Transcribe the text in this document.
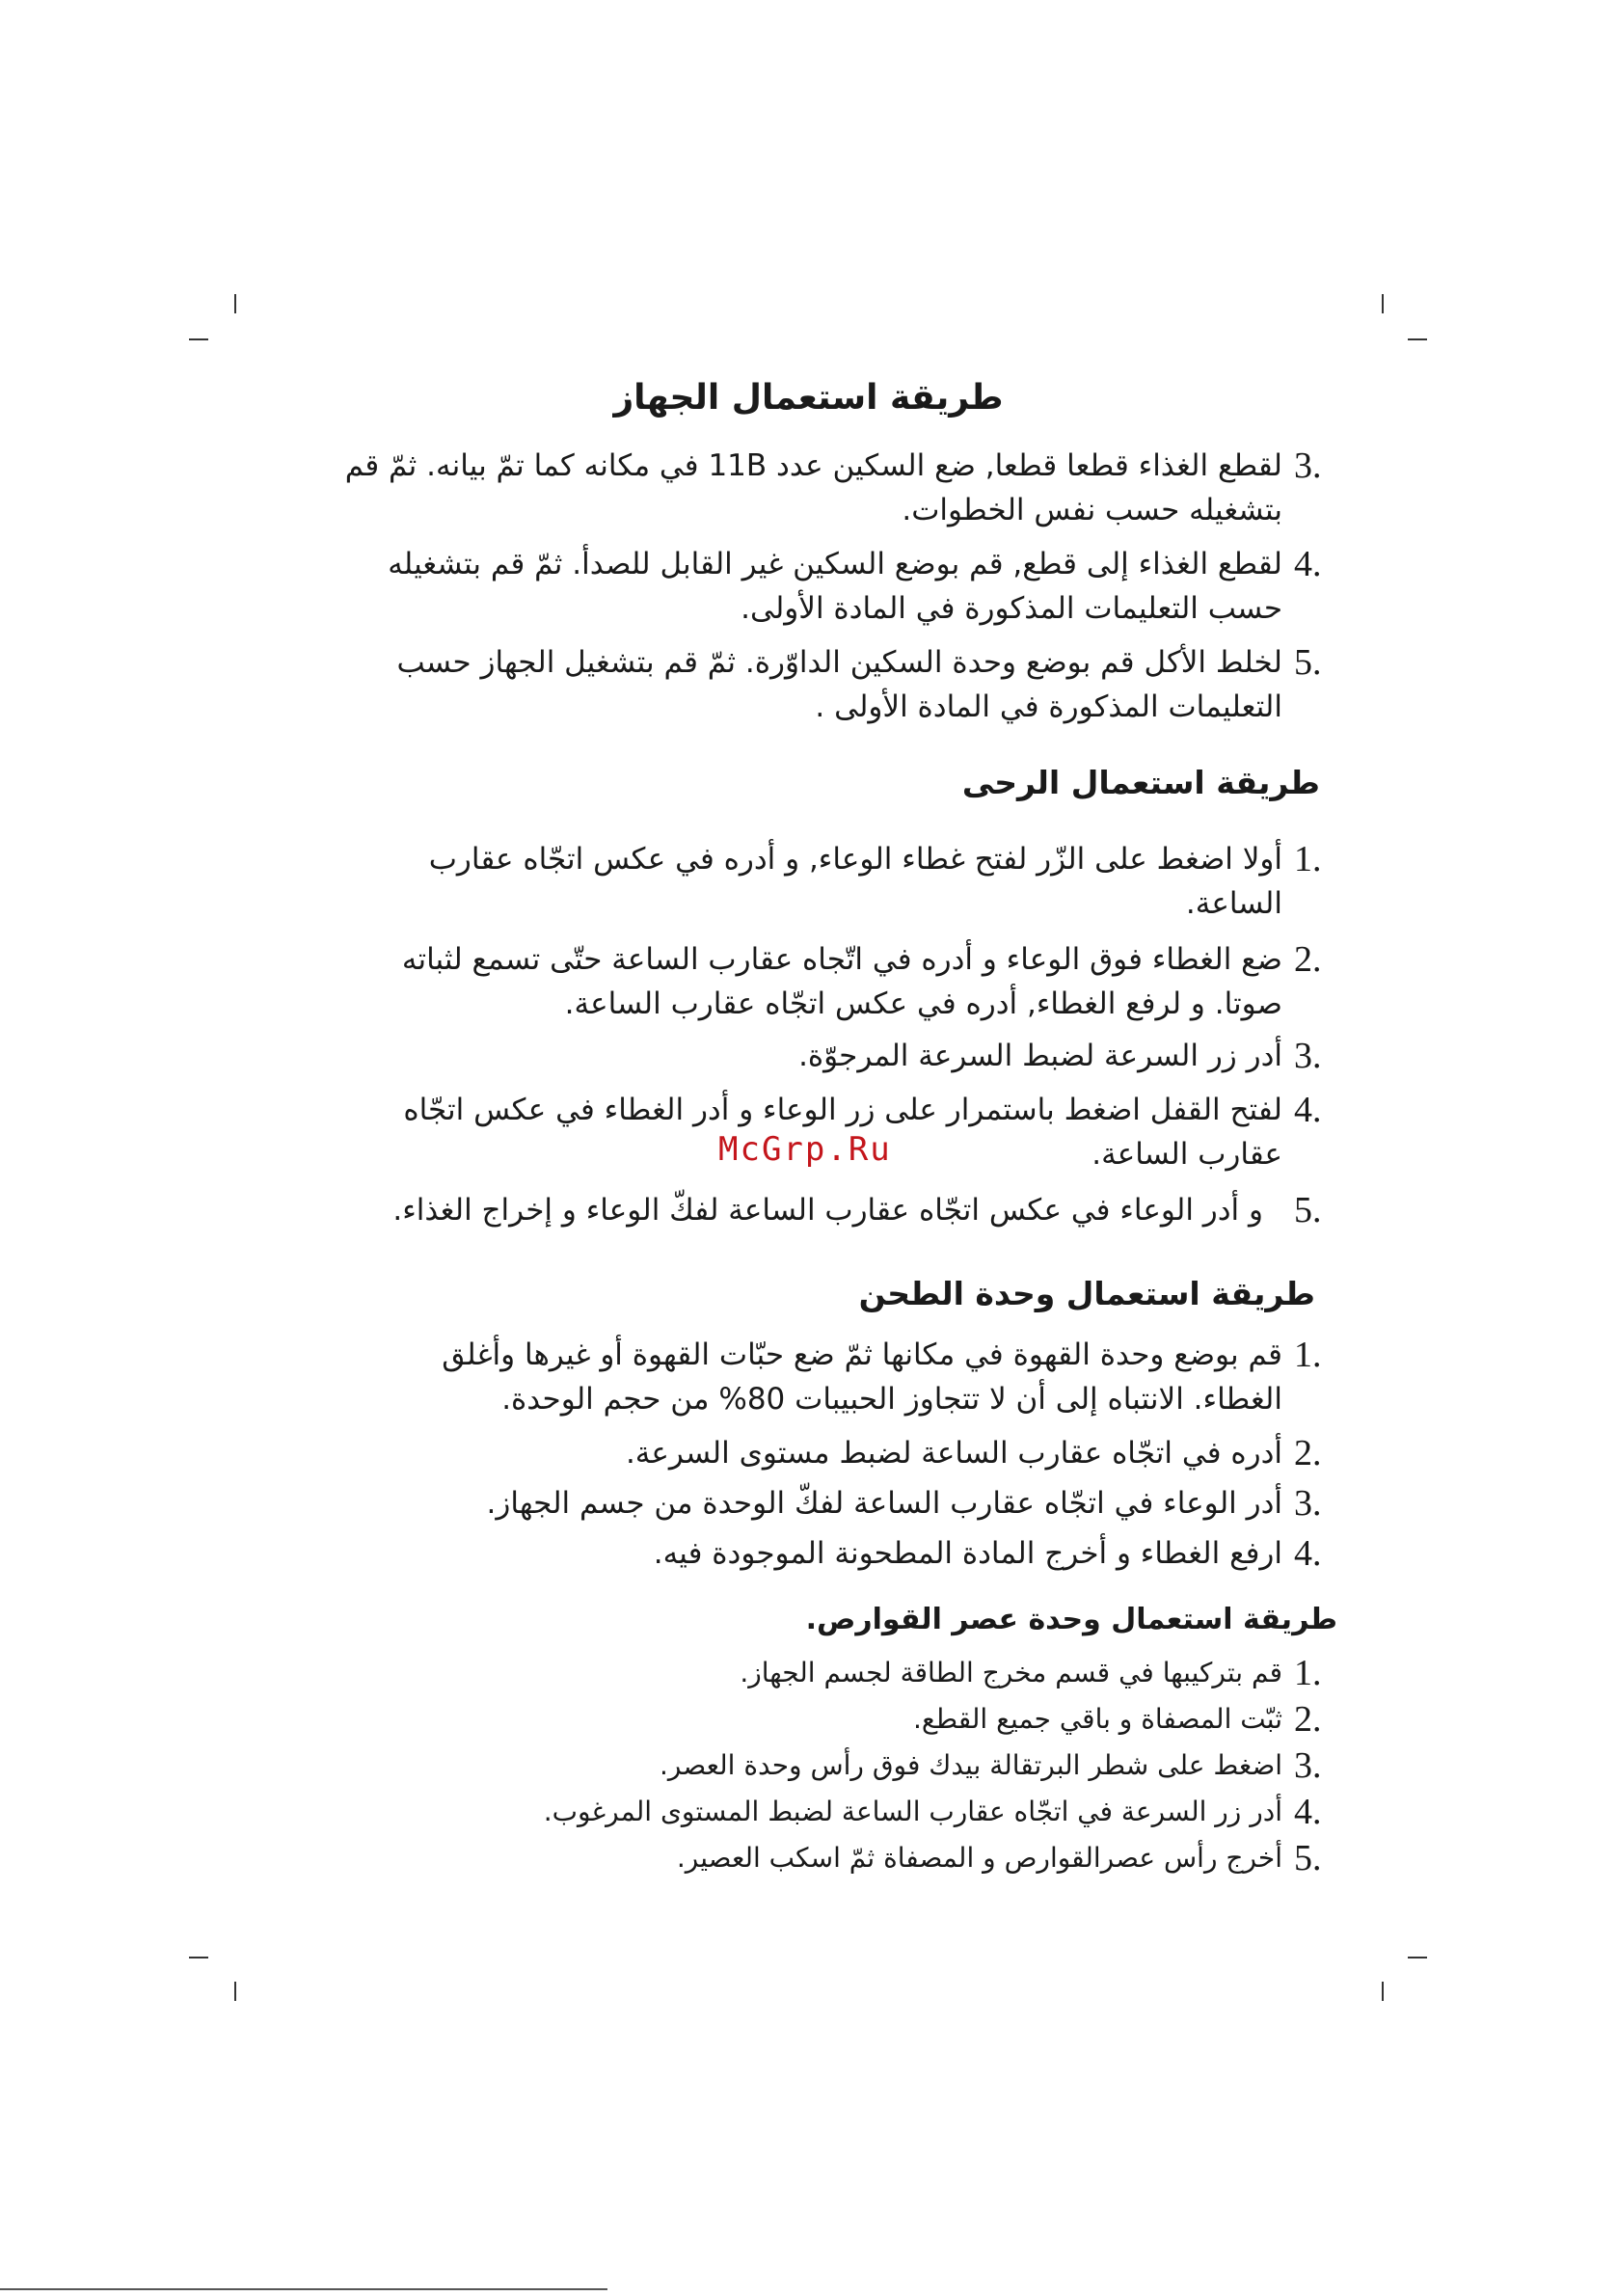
طريقة استعمال الجهاز
3.
لقطع الغذاء قطعا قطعا, ضع السكين عدد 11B في مكانه كما تمّ بيانه. ثمّ قم
بتشغيله حسب نفس الخطوات.
4.
لقطع الغذاء إلى قطع, قم بوضع السكين غير القابل للصدأ. ثمّ قم بتشغيله
حسب التعليمات المذكورة في المادة الأولى.
5.
لخلط الأكل قم بوضع وحدة السكين الداوّرة. ثمّ قم بتشغيل الجهاز حسب
التعليمات المذكورة في المادة الأولى .
طريقة استعمال الرحى
1.
أولا اضغط على الزّر لفتح غطاء الوعاء, و أدره في عكس اتجّاه عقارب
الساعة.
2.
ضع الغطاء فوق الوعاء و أدره في اتّجاه عقارب الساعة حتّى تسمع لثباته
صوتا. و لرفع الغطاء, أدره في عكس اتجّاه عقارب الساعة.
3.
أدر زر السرعة لضبط السرعة المرجوّة.
4.
لفتح القفل اضغط باستمرار على زر الوعاء و أدر الغطاء في عكس اتجّاه
عقارب الساعة.
5.
و أدر الوعاء في عكس اتجّاه عقارب الساعة لفكّ الوعاء و إخراج الغذاء.
McGrp.Ru
طريقة استعمال وحدة الطحن
1.
قم بوضع وحدة القهوة في مكانها ثمّ ضع حبّات القهوة أو غيرها وأغلق
الغطاء. الانتباه إلى أن لا تتجاوز الحبيبات 80% من حجم الوحدة.
2.
أدره في اتجّاه عقارب الساعة لضبط مستوى السرعة.
3.
أدر الوعاء في اتجّاه عقارب الساعة لفكّ الوحدة من جسم الجهاز.
4.
ارفع الغطاء و أخرج المادة المطحونة الموجودة فيه.
طريقة استعمال وحدة عصر القوارص.
1.
قم بتركيبها في قسم مخرج الطاقة لجسم الجهاز.
2.
ثبّت المصفاة و باقي جميع القطع.
3.
اضغط على شطر البرتقالة بيدك فوق رأس وحدة العصر.
4.
أدر زر السرعة في اتجّاه عقارب الساعة لضبط المستوى المرغوب.
5.
أخرج رأس عصرالقوارص و المصفاة ثمّ اسكب العصير.
